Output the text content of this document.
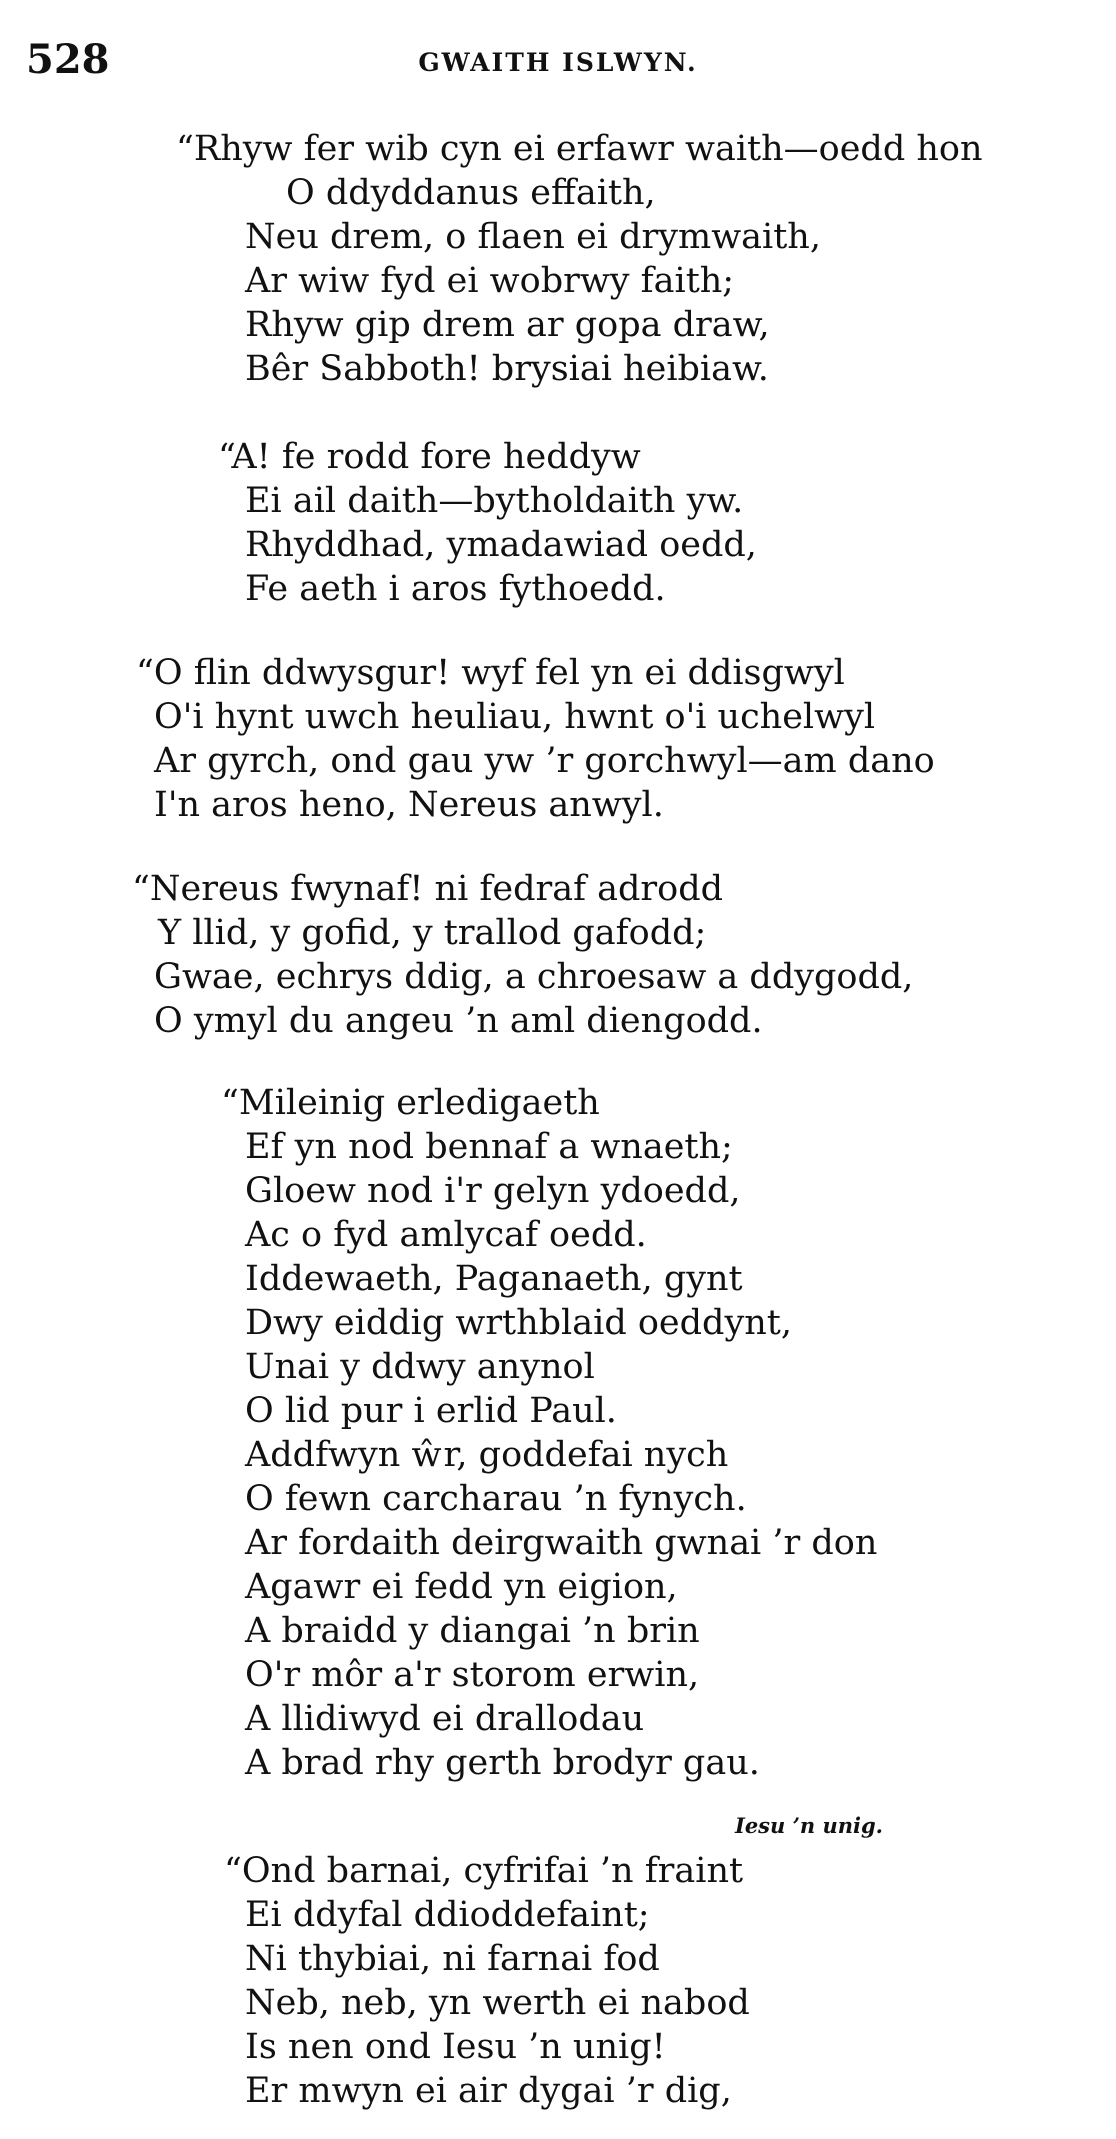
528	GWAITH ISLWYN.
“Rhyw fer wib cyn ei erfawr waith—oedd hon
O ddyddanus effaith,
Neu drem, o flaen ei drymwaith,
Ar wiw fyd ei wobrwy faith;
Rhyw gip drem ar gopa draw,
Bêr Sabboth! brysiai heibiaw.
“A! fe rodd fore heddyw
Ei ail daith—bytholdaith yw.
Rhyddhad, ymadawiad oedd,
Fe aeth i aros fythoedd.
“O flin ddwysgur! wyf fel yn ei ddisgwyl
O'i hynt uwch heuliau, hwnt o'i uchelwyl
Ar gyrch, ond gau yw ’r gorchwyl—am dano
I'n aros heno, Nereus anwyl.
“Nereus fwynaf! ni fedraf adrodd
Y llid, y gofid, y trallod gafodd;
Gwae, echrys ddig, a chroesaw a ddygodd,
O ymyl du angeu ’n aml diengodd.
“Mileinig erledigaeth
Ef yn nod bennaf a wnaeth;
Gloew nod i'r gelyn ydoedd,
Ac o fyd amlycaf oedd.
Iddewaeth, Paganaeth, gynt
Dwy eiddig wrthblaid oeddynt,
Unai y ddwy anynol
O lid pur i erlid Paul.
Addfwyn ŵr, goddefai nych
O fewn carcharau ’n fynych.
Ar fordaith deirgwaith gwnai ’r don
Agawr ei fedd yn eigion,
A braidd y diangai ’n brin
O'r môr a'r storom erwin,
A llidiwyd ei drallodau
A brad rhy gerth brodyr gau.
Iesu ’n unig.
“Ond barnai, cyfrifai ’n fraint
Ei ddyfal ddioddefaint;
Ni thybiai, ni farnai fod
Neb, neb, yn werth ei nabod
Is nen ond Iesu ’n unig!
Er mwyn ei air dygai ’r dig,
